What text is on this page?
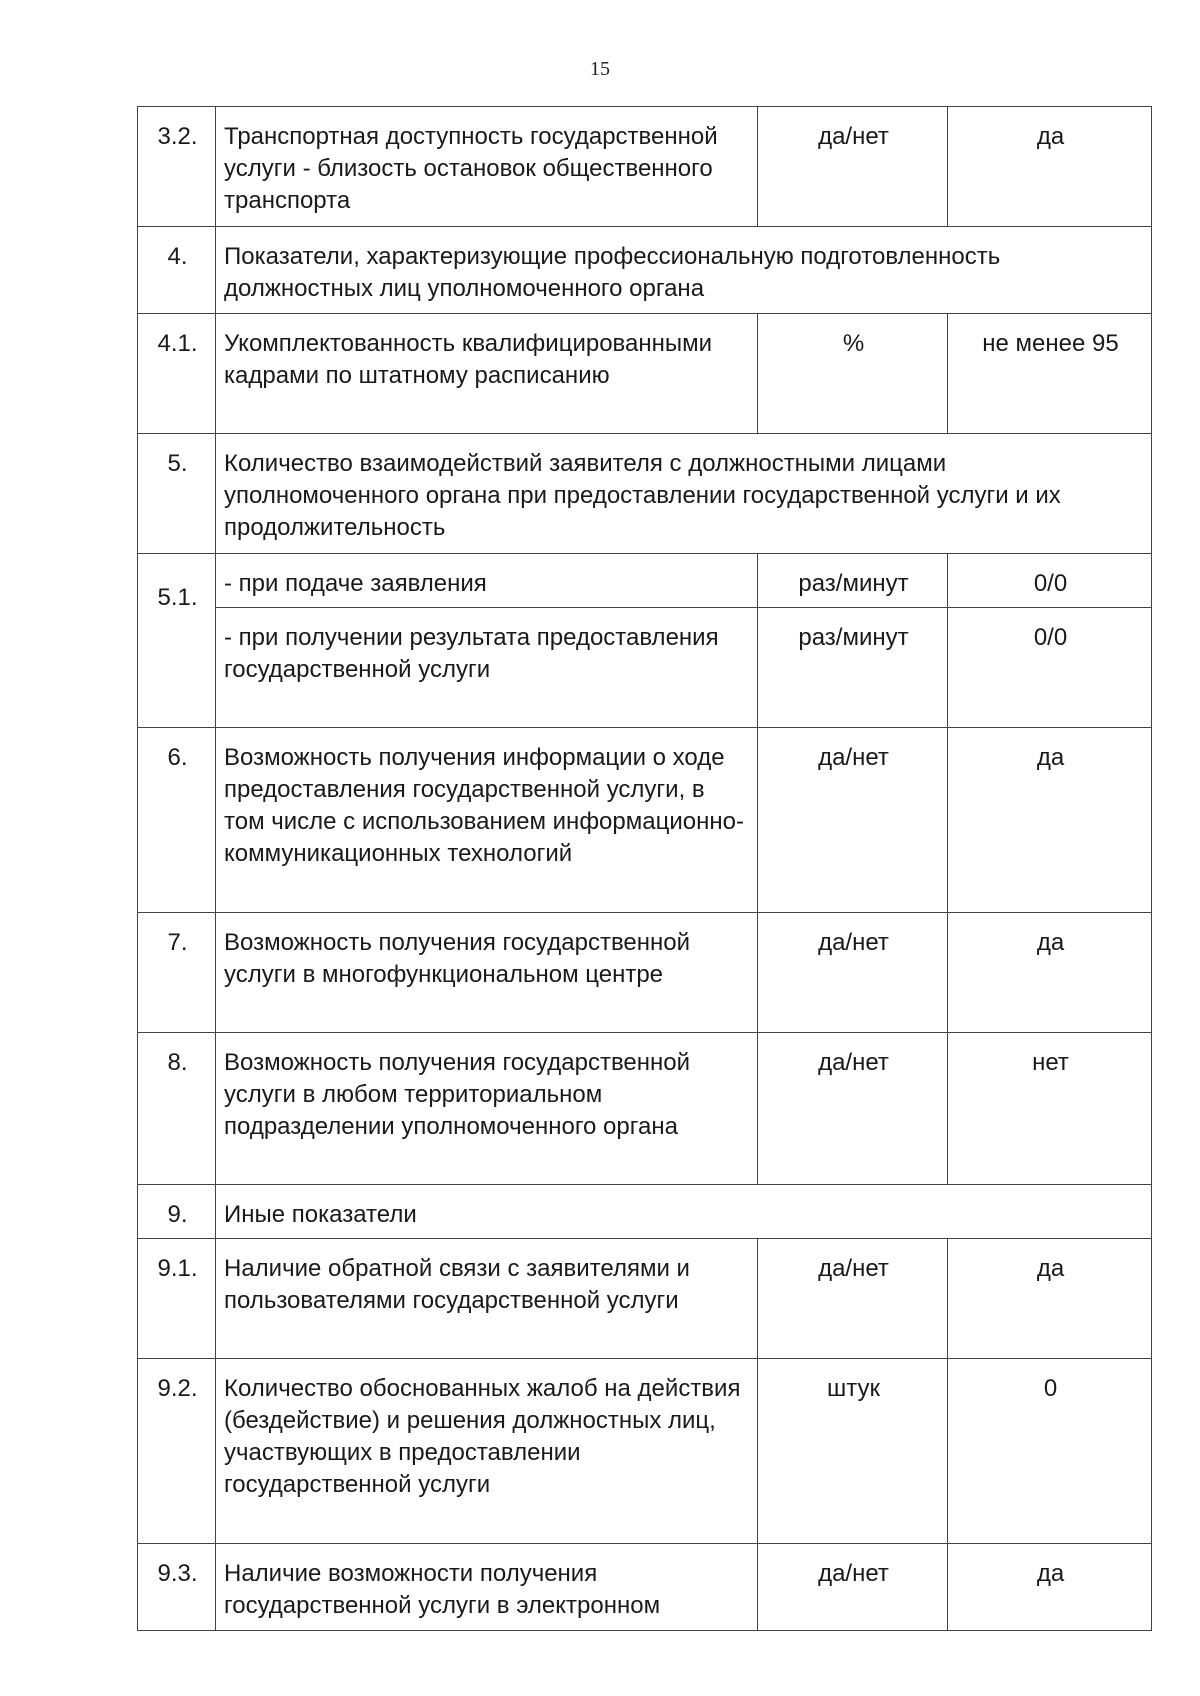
15
3.2.	Транспортная доступность государственной услуги - близость остановок общественного транспорта	да/нет	да
4.	Показатели, характеризующие профессиональную подготовленность должностных лиц уполномоченного органа		
4.1.	Укомплектованность квалифицированными кадрами по штатному расписанию	%	не менее 95
5.	Количество взаимодействий заявителя с должностными лицами уполномоченного органа при предоставлении государственной услуги и их продолжительность		
5.1.	- при подаче заявления	раз/минут	0/0
	- при получении результата предоставления государственной услуги	раз/минут	0/0
6.	Возможность получения информации о ходе предоставления государственной услуги, в том числе с использованием информационно-коммуникационных технологий	да/нет	да
7.	Возможность получения государственной услуги в многофункциональном центре	да/нет	да
8.	Возможность получения государственной услуги в любом территориальном подразделении уполномоченного органа	да/нет	нет
9.	Иные показатели		
9.1.	Наличие обратной связи с заявителями и пользователями государственной услуги	да/нет	да
9.2.	Количество обоснованных жалоб на действия (бездействие) и решения должностных лиц, участвующих в предоставлении государственной услуги	штук	0
9.3.	Наличие возможности получения государственной услуги в электронном	да/нет	да
